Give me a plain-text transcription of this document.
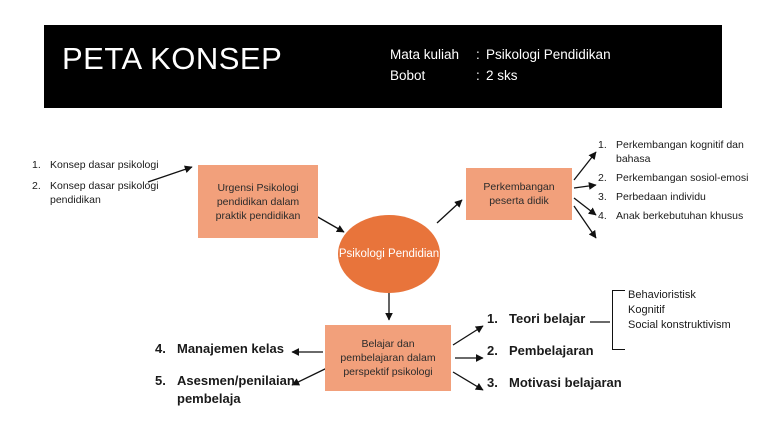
PETA KONSEP	Mata kuliah	: Psikologi Pendidikan
Bobot	: 2 sks
Urgensi Psikologi pendidikan dalam praktik pendidikan
Perkembangan peserta didik
Belajar dan pembelajaran dalam perspektif psikologi
Psikologi Pendidian
1. Konsep dasar psikologi
2. Konsep dasar psikologi pendidikan
1. Perkembangan kognitif dan bahasa
2. Perkembangan sosiol-emosi
3. Perbedaan individu
4. Anak berkebutuhan khusus
4. Manajemen kelas
5. Asesmen/penilaian pembelaja
1. Teori belajar
2. Pembelajaran
3. Motivasi belajaran
Behavioristisk
Kognitif
Social konstruktivism
